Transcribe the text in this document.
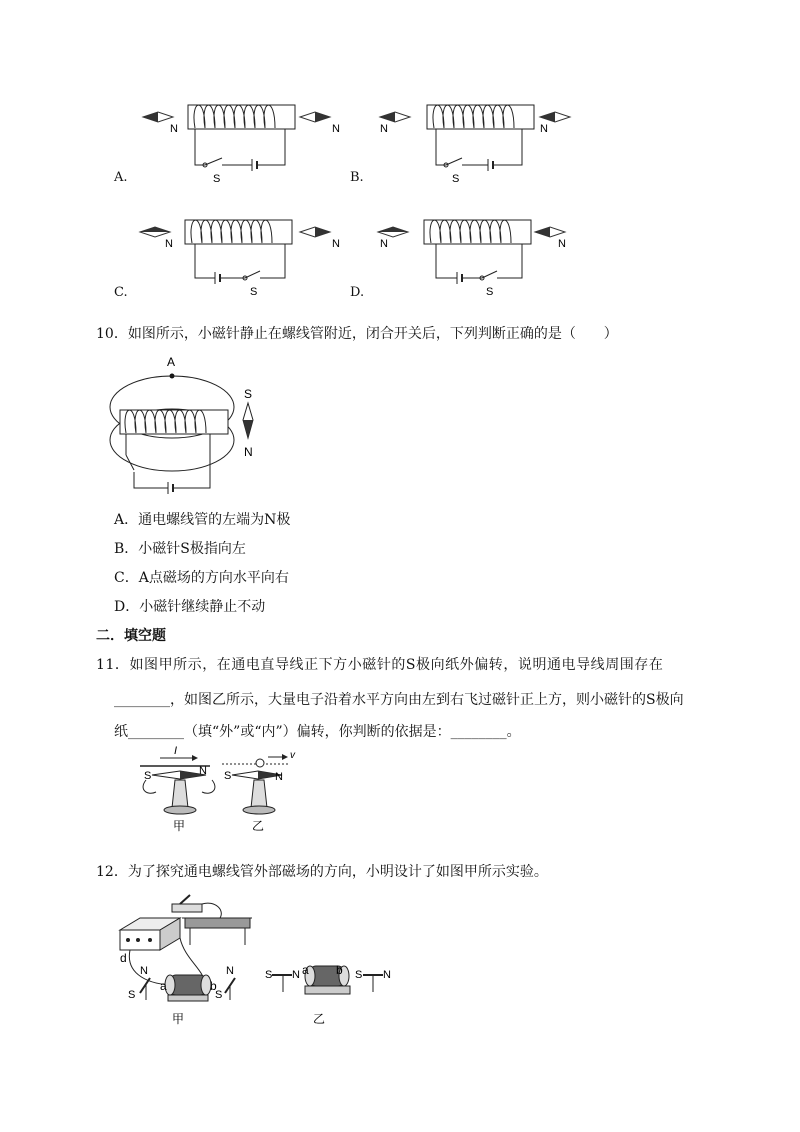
A.
N	N
S	B.
N	N
S
C.
N	N
S	D.
N	N
S
10．如图所示，小磁针静止在螺线管附近，闭合开关后，下列判断正确的是（　　）
A
S
N
A．通电螺线管的左端为N极
B．小磁针S极指向左
C．A点磁场的方向水平向右
D．小磁针继续静止不动
二．填空题
11．如图甲所示，在通电直导线正下方小磁针的S极向纸外偏转，说明通电导线周围存在
________，如图乙所示，大量电子沿着水平方向由左到右飞过磁针正上方，则小磁针的S极向
纸________（填“外”或“内”）偏转，你判断的依据是：________。
I
S	N
甲
v
S	N
乙
12．为了探究通电螺线管外部磁场的方向，小明设计了如图甲所示实验。
d
a	b
N
S
N
S
甲
S N a b S N
乙
